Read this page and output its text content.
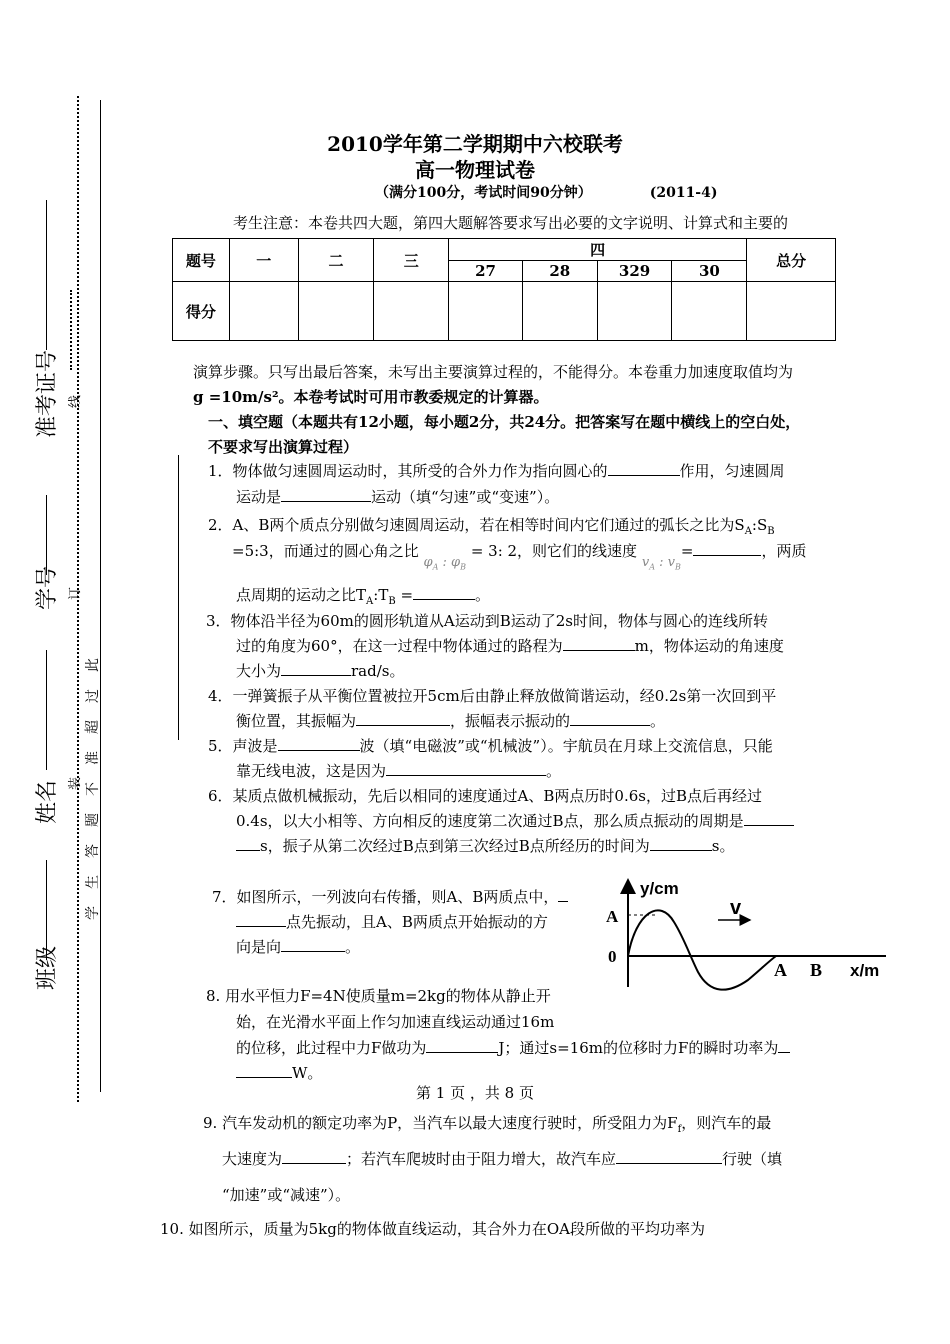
准考证号
学号
姓名
班级
线
订
装 学生答题不准超过此
2010学年第二学期期中六校联考
高一物理试卷
（满分100分，考试时间90分钟）	(2011-4)
考生注意：本卷共四大题，第四大题解答要求写出必要的文字说明、计算式和主要的
题号	一	二	三	四				总分
				27	28	329	30	
得分								
演算步骤。只写出最后答案，未写出主要演算过程的，不能得分。本卷重力加速度取值均为
g =10m/s²。本卷考试时可用市教委规定的计算器。
一、填空题（本题共有12小题，每小题2分，共24分。把答案写在题中横线上的空白处，
不要求写出演算过程）
1．物体做匀速圆周运动时，其所受的合外力作为指向圆心的	作用，匀速圆周
运动是	运动（填“匀速”或“变速”）。
2．A、B两个质点分别做匀速圆周运动，若在相等时间内它们通过的弧长之比为$S_A:S_B$
=5:3，而通过的圆心角之比 $\varphi_A$ : $\varphi_B = 3$: 2，则它们的线速度 $v_A$ : $v_B=$	，两质
点周期的运动之比$T_A:T_B$ =	。
3．物体沿半径为60m的圆形轨道从A运动到B运动了2s时间，物体与圆心的连线所转
过的角度为60°，在这一过程中物体通过的路程为	m，物体运动的角速度
大小为	rad/s。
4．一弹簧振子从平衡位置被拉开5cm后由静止释放做简谐运动，经0.2s第一次回到平
衡位置，其振幅为	，振幅表示振动的	。
5．声波是	波（填“电磁波”或“机械波”）。宇航员在月球上交流信息，只能
靠无线电波，这是因为	。
6．某质点做机械振动，先后以相同的速度通过A、B两点历时0.6s，过B点后再经过
0.4s，以大小相等、方向相反的速度第二次通过B点，那么质点振动的周期是
s，振子从第二次经过B点到第三次经过B点所经历的时间为	s。
7．如图所示，一列波向右传播，则A、B两质点中，
点先振动，且A、B两质点开始振动的方
向是向	。
y/cm
x/m
A
0
v
A B
8. 用水平恒力F=4N使质量m=2kg的物体从静止开
始，在光滑水平面上作匀加速直线运动通过16m
的位移，此过程中力F做功为	J；通过s=16m的位移时力F的瞬时功率为
W。
第 1 页 ，共 8 页
9. 汽车发动机的额定功率为P，当汽车以最大速度行驶时，所受阻力为$F_f$，则汽车的最
大速度为	；若汽车爬坡时由于阻力增大，故汽车应	行驶（填
“加速”或“减速”）。
10. 如图所示，质量为5kg的物体做直线运动，其合外力在OA段所做的平均功率为
